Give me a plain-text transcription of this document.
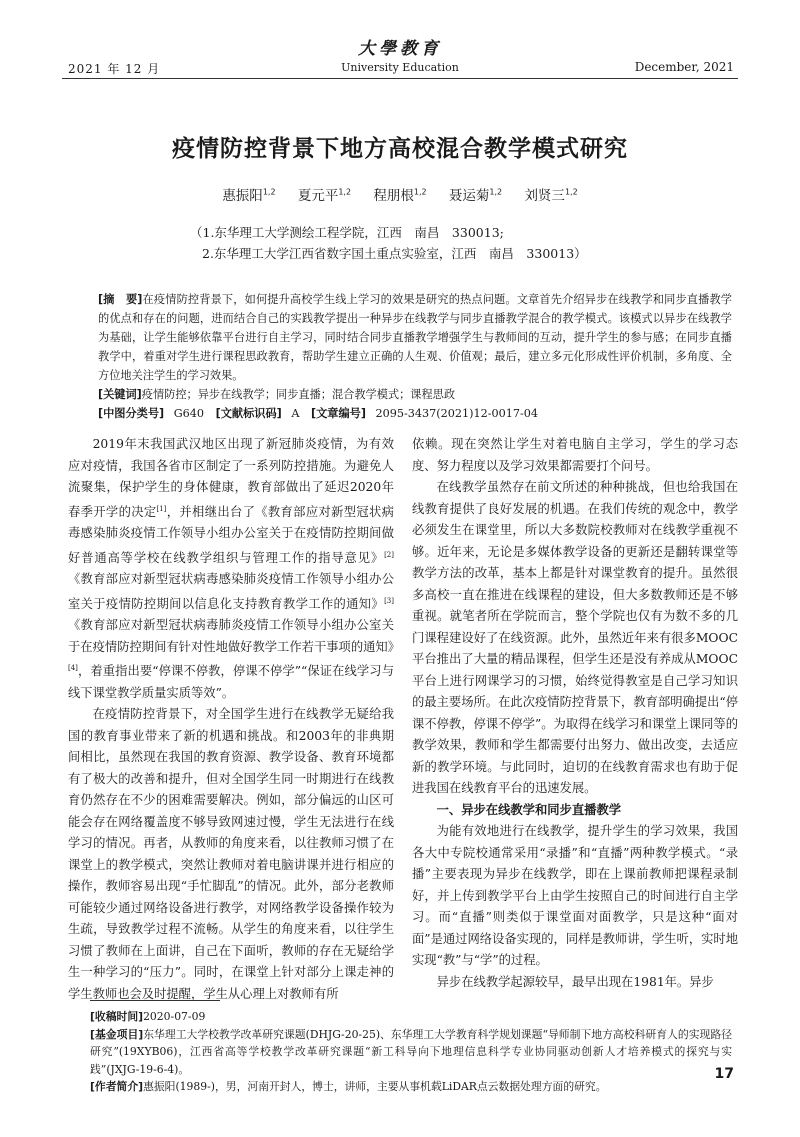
2021 年 12 月
大學教育
University Education	December, 2021
疫情防控背景下地方高校混合教学模式研究
惠振阳$^{1,2}$ 夏元平$^{1,2}$ 程朋根$^{1,2}$ 聂运菊$^{1,2}$ 刘贤三$^{1,2}$
（1.东华理工大学测绘工程学院，江西　南昌　330013;
2.东华理工大学江西省数字国土重点实验室，江西　南昌　330013）
[摘　要]在疫情防控背景下，如何提升高校学生线上学习的效果是研究的热点问题。文章首先介绍异步在线教学和同步直播教学的优点和存在的问题，进而结合自己的实践教学提出一种异步在线教学与同步直播教学混合的教学模式。该模式以异步在线教学为基础，让学生能够依靠平台进行自主学习，同时结合同步直播教学增强学生与教师间的互动，提升学生的参与感；在同步直播教学中，着重对学生进行课程思政教育，帮助学生建立正确的人生观、价值观；最后，建立多元化形成性评价机制，多角度、全方位地关注学生的学习效果。
[关键词]疫情防控；异步在线教学；同步直播；混合教学模式；课程思政
[中图分类号] G640 [文献标识码] A [文章编号] 2095-3437(2021)12-0017-04

2019年末我国武汉地区出现了新冠肺炎疫情，为有效应对疫情，我国各省市区制定了一系列防控措施。为避免人流聚集，保护学生的身体健康，教育部做出了延迟2020年春季开学的决定[1]，并相继出台了《教育部应对新型冠状病毒感染肺炎疫情工作领导小组办公室关于在疫情防控期间做好普通高等学校在线教学组织与管理工作的指导意见》[2]《教育部应对新型冠状病毒感染肺炎疫情工作领导小组办公室关于疫情防控期间以信息化支持教育教学工作的通知》[3]《教育部应对新型冠状病毒肺炎疫情工作领导小组办公室关于在疫情防控期间有针对性地做好教学工作若干事项的通知》[4]，着重指出要“停课不停教，停课不停学”“保证在线学习与线下课堂教学质量实质等效”。

在疫情防控背景下，对全国学生进行在线教学无疑给我国的教育事业带来了新的机遇和挑战。和2003年的非典期间相比，虽然现在我国的教育资源、教学设备、教育环境都有了极大的改善和提升，但对全国学生同一时期进行在线教育仍然存在不少的困难需要解决。例如，部分偏远的山区可能会存在网络覆盖度不够导致网速过慢，学生无法进行在线学习的情况。再者，从教师的角度来看，以往教师习惯了在课堂上的教学模式，突然让教师对着电脑讲课并进行相应的操作，教师容易出现“手忙脚乱”的情况。此外，部分老教师可能较少通过网络设备进行教学，对网络教学设备操作较为生疏，导致教学过程不流畅。从学生的角度来看，以往学生习惯了教师在上面讲，自己在下面听，教师的存在无疑给学生一种学习的“压力”。同时，在课堂上针对部分上课走神的学生教师也会及时提醒，学生从心理上对教师有所

依赖。现在突然让学生对着电脑自主学习，学生的学习态度、努力程度以及学习效果都需要打个问号。

在线教学虽然存在前文所述的种种挑战，但也给我国在线教育提供了良好发展的机遇。在我们传统的观念中，教学必须发生在课堂里，所以大多数院校教师对在线教学重视不够。近年来，无论是多媒体教学设备的更新还是翻转课堂等教学方法的改革，基本上都是针对课堂教育的提升。虽然很多高校一直在推进在线课程的建设，但大多数教师还是不够重视。就笔者所在学院而言，整个学院也仅有为数不多的几门课程建设好了在线资源。此外，虽然近年来有很多MOOC平台推出了大量的精品课程，但学生还是没有养成从MOOC平台上进行网课学习的习惯，始终觉得教室是自己学习知识的最主要场所。在此次疫情防控背景下，教育部明确提出“停课不停教，停课不停学”。为取得在线学习和课堂上课同等的教学效果，教师和学生都需要付出努力、做出改变，去适应新的教学环境。与此同时，迫切的在线教育需求也有助于促进我国在线教育平台的迅速发展。

一、异步在线教学和同步直播教学

为能有效地进行在线教学，提升学生的学习效果，我国各大中专院校通常采用“录播”和“直播”两种教学模式。“录播”主要表现为异步在线教学，即在上课前教师把课程录制好，并上传到教学平台上由学生按照自己的时间进行自主学习。而“直播”则类似于课堂面对面教学，只是这种“面对面”是通过网络设备实现的，同样是教师讲，学生听，实时地实现“教”与“学”的过程。

异步在线教学起源较早，最早出现在1981年。异步

[收稿时间]2020-07-09
[基金项目]东华理工大学校教学改革研究课题(DHJG-20-25)、东华理工大学教育科学规划课题“导师制下地方高校科研育人的实现路径研究”(19XYB06)，江西省高等学校教学改革研究课题“新工科导向下地理信息科学专业协同驱动创新人才培养模式的探究与实践”(JXJG-19-6-4)。
[作者简介]惠振阳(1989-)，男，河南开封人，博士，讲师，主要从事机载LiDAR点云数据处理方面的研究。
17
